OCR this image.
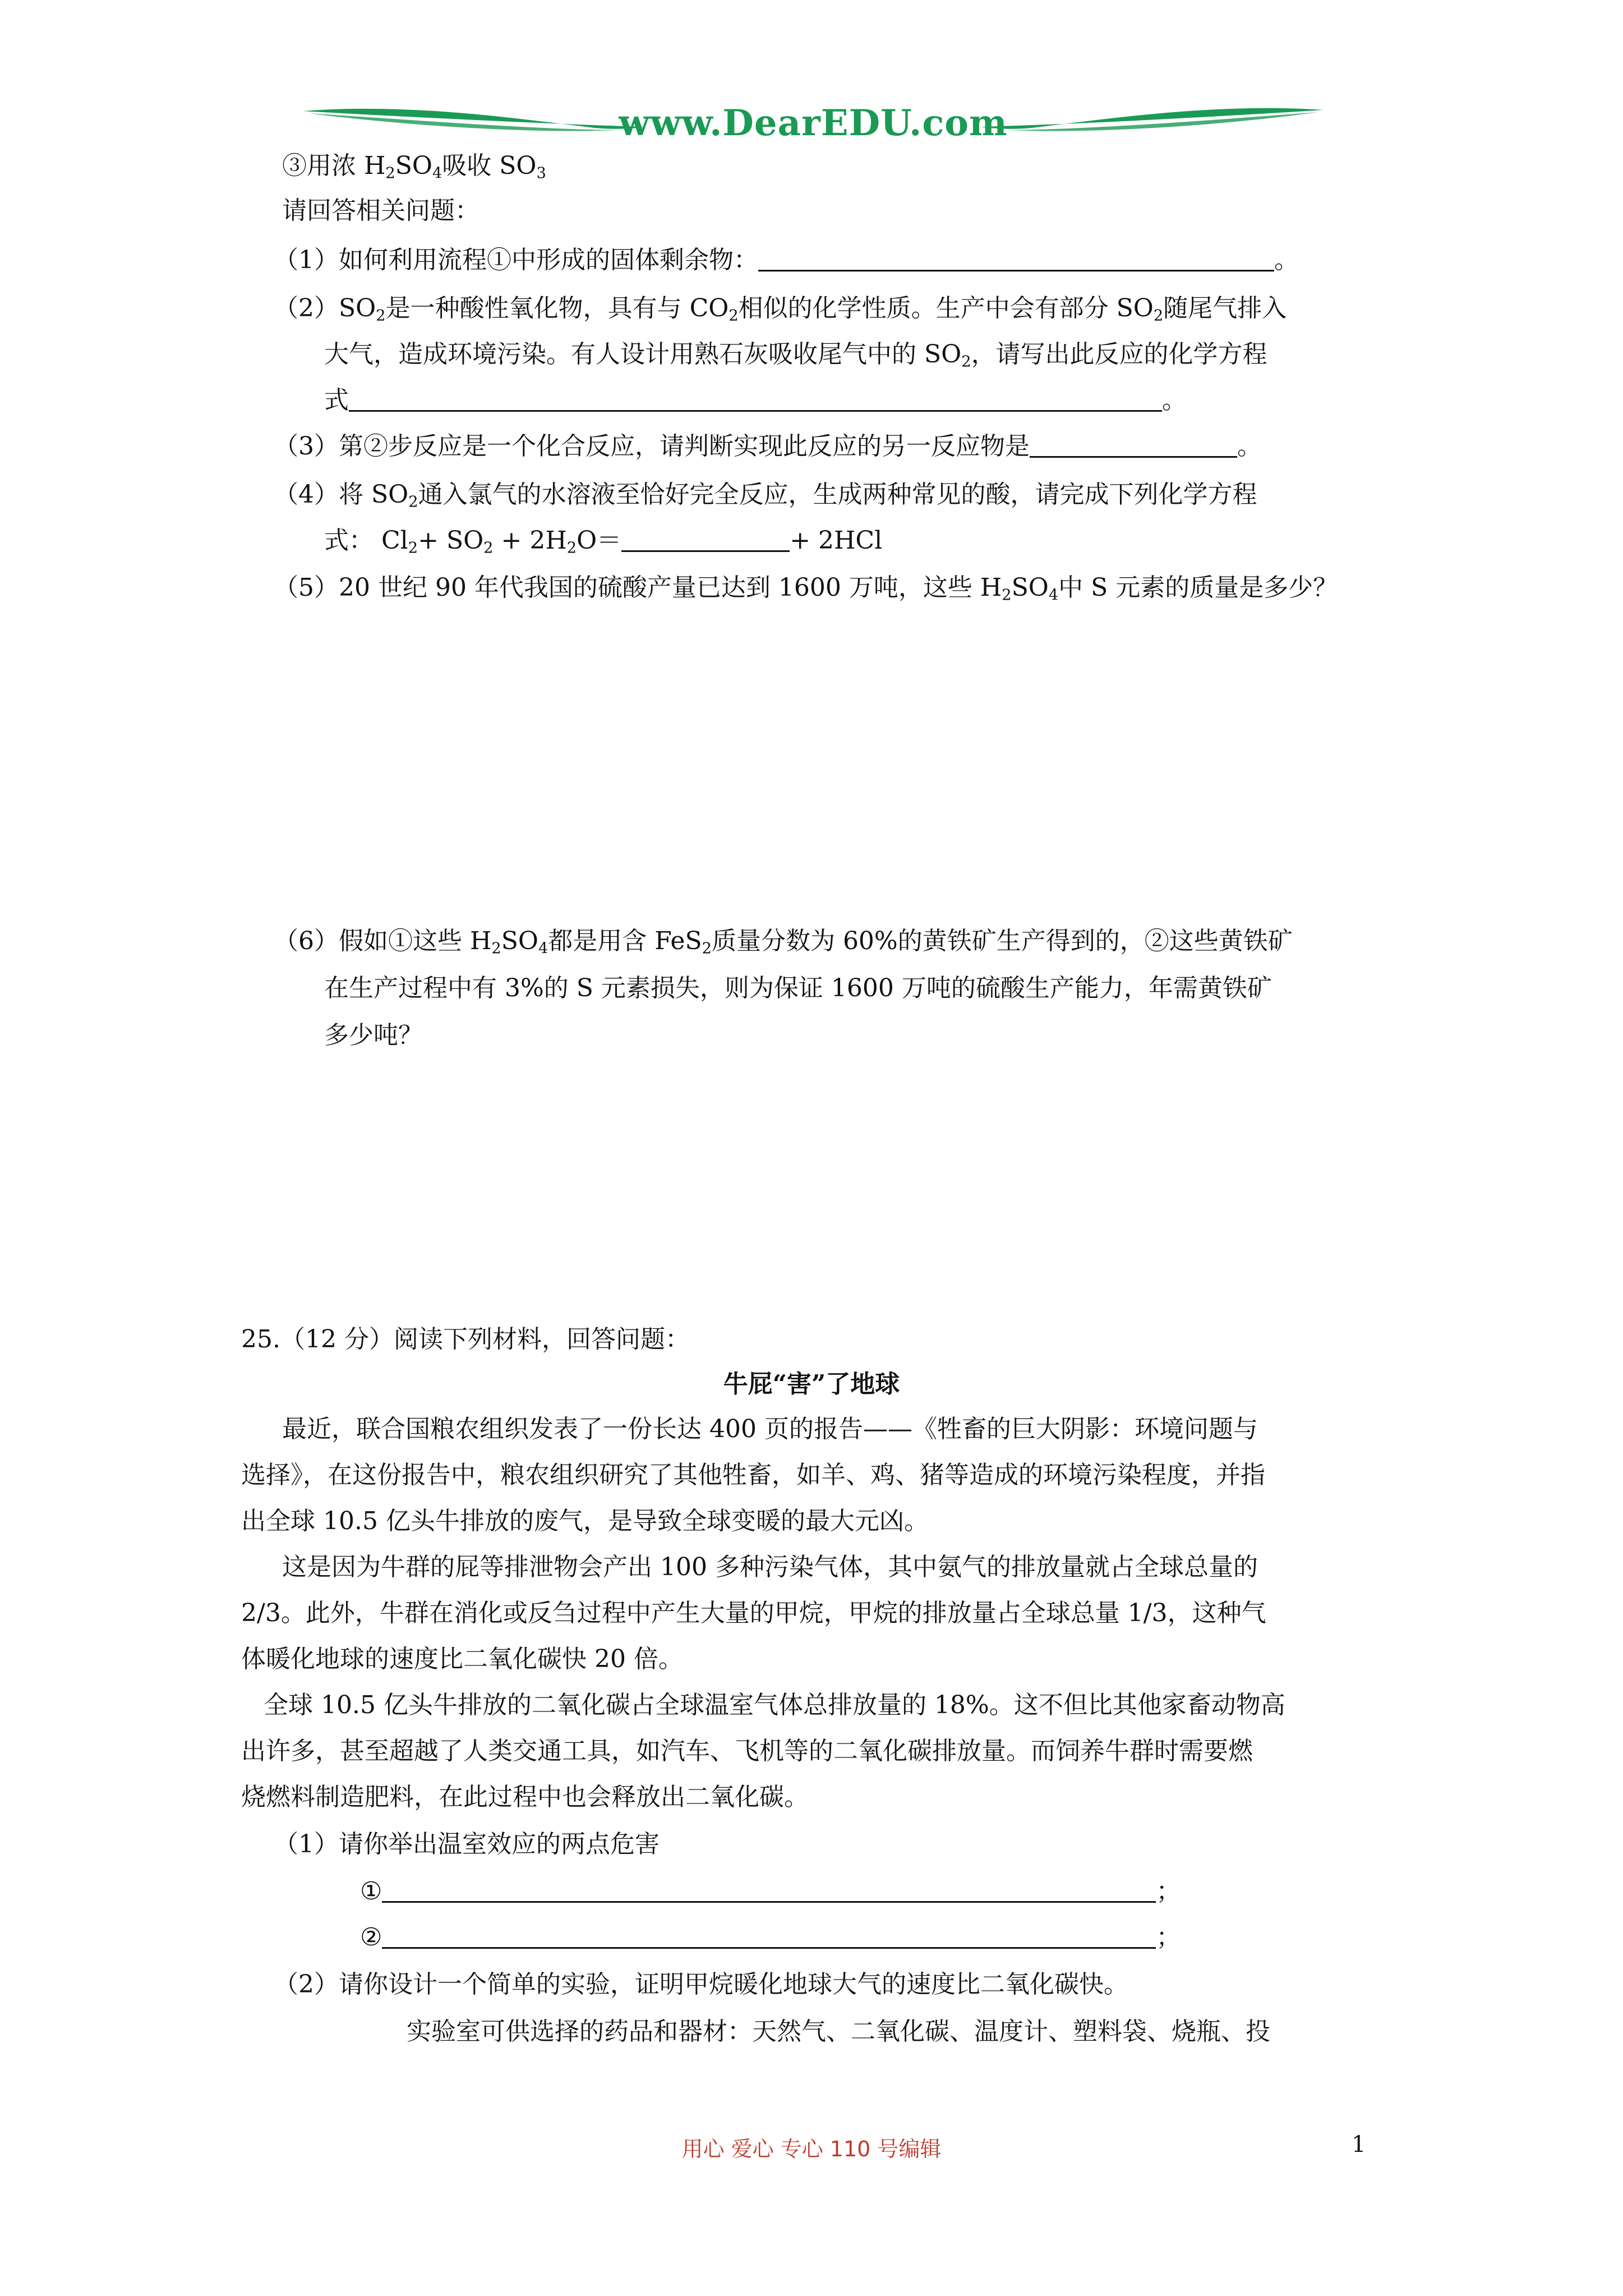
www.DearEDU.com
③用浓 $H_2SO_4$吸收 $SO_3$
请回答相关问题：
（1）如何利用流程①中形成的固体剩余物：	。
$(2)SO_2$是一种酸性氧化物，具有与 $CO_2$相似的化学性质。生产中会有部分 $SO_2$随尾气排入
大气，造成环境污染。有人设计用熟石灰吸收尾气中的 $SO_2$，请写出此反应的化学方程
式	。
（3）第②步反应是一个化合反应，请判断实现此反应的另一反应物是	。
（4）将 $SO_2$通入氯气的水溶液至恰好完全反应，生成两种常见的酸，请完成下列化学方程
式： $Cl_2+ SO_2 + 2H_2O=$	+ 2HCl
（5）20 世纪 90 年代我国的硫酸产量已达到 1600 万吨，这些 $H_2SO_4$中 S 元素的质量是多少？
（6）假如①这些 $H_2SO_4$都是用含 FeS$_2$质量分数为 60%的黄铁矿生产得到的，②这些黄铁矿
在生产过程中有 3%的 S 元素损失，则为保证 1600 万吨的硫酸生产能力，年需黄铁矿
多少吨？
25.（12 分）阅读下列材料，回答问题：
牛屁“害”了地球
最近，联合国粮农组织发表了一份长达 400 页的报告——《牲畜的巨大阴影：环境问题与
选择》，在这份报告中，粮农组织研究了其他牲畜，如羊、鸡、猪等造成的环境污染程度，并指
出全球 10.5 亿头牛排放的废气，是导致全球变暖的最大元凶。
这是因为牛群的屁等排泄物会产出 100 多种污染气体，其中氨气的排放量就占全球总量的
2/3。此外，牛群在消化或反刍过程中产生大量的甲烷，甲烷的排放量占全球总量 1/3，这种气
体暖化地球的速度比二氧化碳快 20 倍。
全球 10.5 亿头牛排放的二氧化碳占全球温室气体总排放量的 18%。这不但比其他家畜动物高
出许多，甚至超越了人类交通工具，如汽车、飞机等的二氧化碳排放量。而饲养牛群时需要燃
烧燃料制造肥料，在此过程中也会释放出二氧化碳。
（1）请你举出温室效应的两点危害
①	；
②	；
（2）请你设计一个简单的实验，证明甲烷暖化地球大气的速度比二氧化碳快。
实验室可供选择的药品和器材：天然气、二氧化碳、温度计、塑料袋、烧瓶、投
用心 爱心 专心 110 号编辑	1
